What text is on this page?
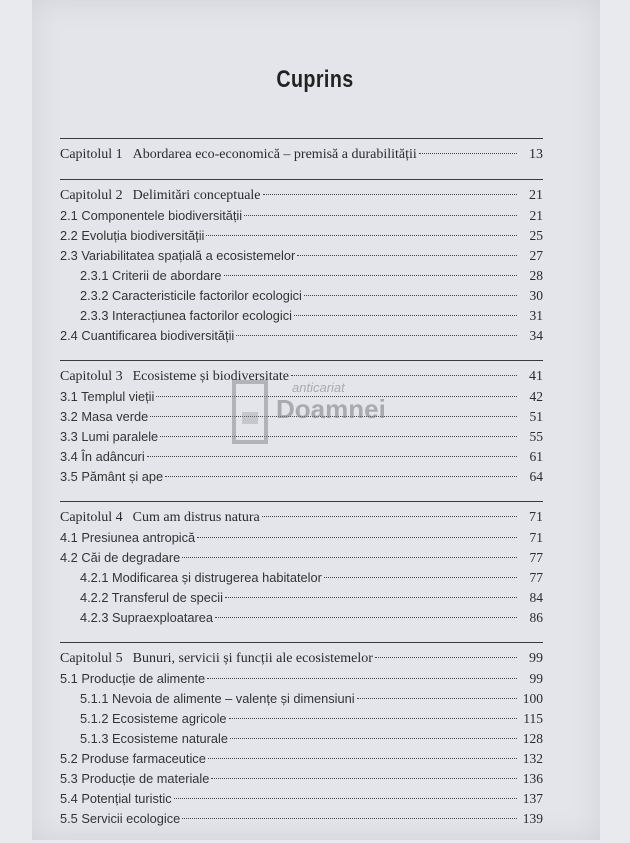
Cuprins
Capitolul 1 Abordarea eco-economică – premisă a durabilității	13
Capitolul 2 Delimitări conceptuale	21
2.1 Componentele biodiversității	21
2.2 Evoluția biodiversității	25
2.3 Variabilitatea spațială a ecosistemelor	27
2.3.1 Criterii de abordare	28
2.3.2 Caracteristicile factorilor ecologici	30
2.3.3 Interacțiunea factorilor ecologici	31
2.4 Cuantificarea biodiversității	34
Capitolul 3 Ecosisteme și biodiversitate	41
3.1 Templul vieții	42
3.2 Masa verde	51
3.3 Lumi paralele	55
3.4 În adâncuri	61
3.5 Pământ și ape	64
Capitolul 4 Cum am distrus natura	71
4.1 Presiunea antropică	71
4.2 Căi de degradare	77
4.2.1 Modificarea și distrugerea habitatelor	77
4.2.2 Transferul de specii	84
4.2.3 Supraexploatarea	86
Capitolul 5 Bunuri, servicii și funcții ale ecosistemelor	99
5.1 Producție de alimente	99
5.1.1 Nevoia de alimente – valențe și dimensiuni	100
5.1.2 Ecosisteme agricole	115
5.1.3 Ecosisteme naturale	128
5.2 Produse farmaceutice	132
5.3 Producție de materiale	136
5.4 Potențial turistic	137
5.5 Servicii ecologice	139
anticariat
Doamnei
